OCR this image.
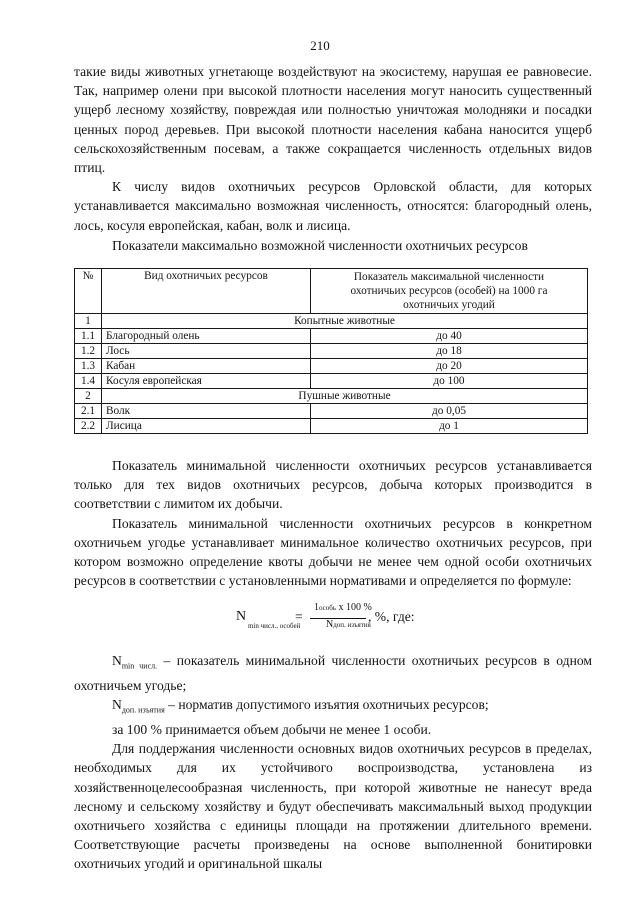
210

такие виды животных угнетающе воздействуют на экосистему, нарушая ее равновесие. Так, например олени при высокой плотности населения могут наносить существенный ущерб лесному хозяйству, повреждая или полностью уничтожая молодняки и посадки ценных пород деревьев. При высокой плотности населения кабана наносится ущерб сельскохозяйственным посевам, а также сокращается численность отдельных видов птиц.

К числу видов охотничьих ресурсов Орловской области, для которых устанавливается максимально возможная численность, относятся: благородный олень, лось, косуля европейская, кабан, волк и лисица.

Показатели максимально возможной численности охотничьих ресурсов
№	Вид охотничьих ресурсов	Показатель максимальной численности охотничьих ресурсов (особей) на 1000 га охотничьих угодий
1	Копытные животные	
1.1	Благородный олень	до 40
1.2	Лось	до 18
1.3	Кабан	до 20
1.4	Косуля европейская	до 100
2	Пушные животные	
2.1	Волк	до 0,05
2.2	Лисица	до 1

Показатель минимальной численности охотничьих ресурсов устанавливается только для тех видов охотничьих ресурсов, добыча которых производится в соответствии с лимитом их добычи.

Показатель минимальной численности охотничьих ресурсов в конкретном охотничьем угодье устанавливает минимальное количество охотничьих ресурсов, при котором возможно определение квоты добычи не менее чем одной особи охотничьих ресурсов в соответствии с установленными нормативами и определяется по формуле:

N
min числ., особей
=
1особь х 100 %
Nдоп. изъятия
, %, где:

$N_{min числ.}$ – показатель минимальной численности охотничьих ресурсов в одном охотничьем угодье;

$N_{доп. изъятия}$ – норматив допустимого изъятия охотничьих ресурсов;

за 100 % принимается объем добычи не менее 1 особи.

Для поддержания численности основных видов охотничьих ресурсов в пределах, необходимых для их устойчивого воспроизводства, установлена из хозяйственноцелесообразная численность, при которой животные не нанесут вреда лесному и сельскому хозяйству и будут обеспечивать максимальный выход продукции охотничьего хозяйства с единицы площади на протяжении длительного времени. Соответствующие расчеты произведены на основе выполненной бонитировки охотничьих угодий и оригинальной шкалы
